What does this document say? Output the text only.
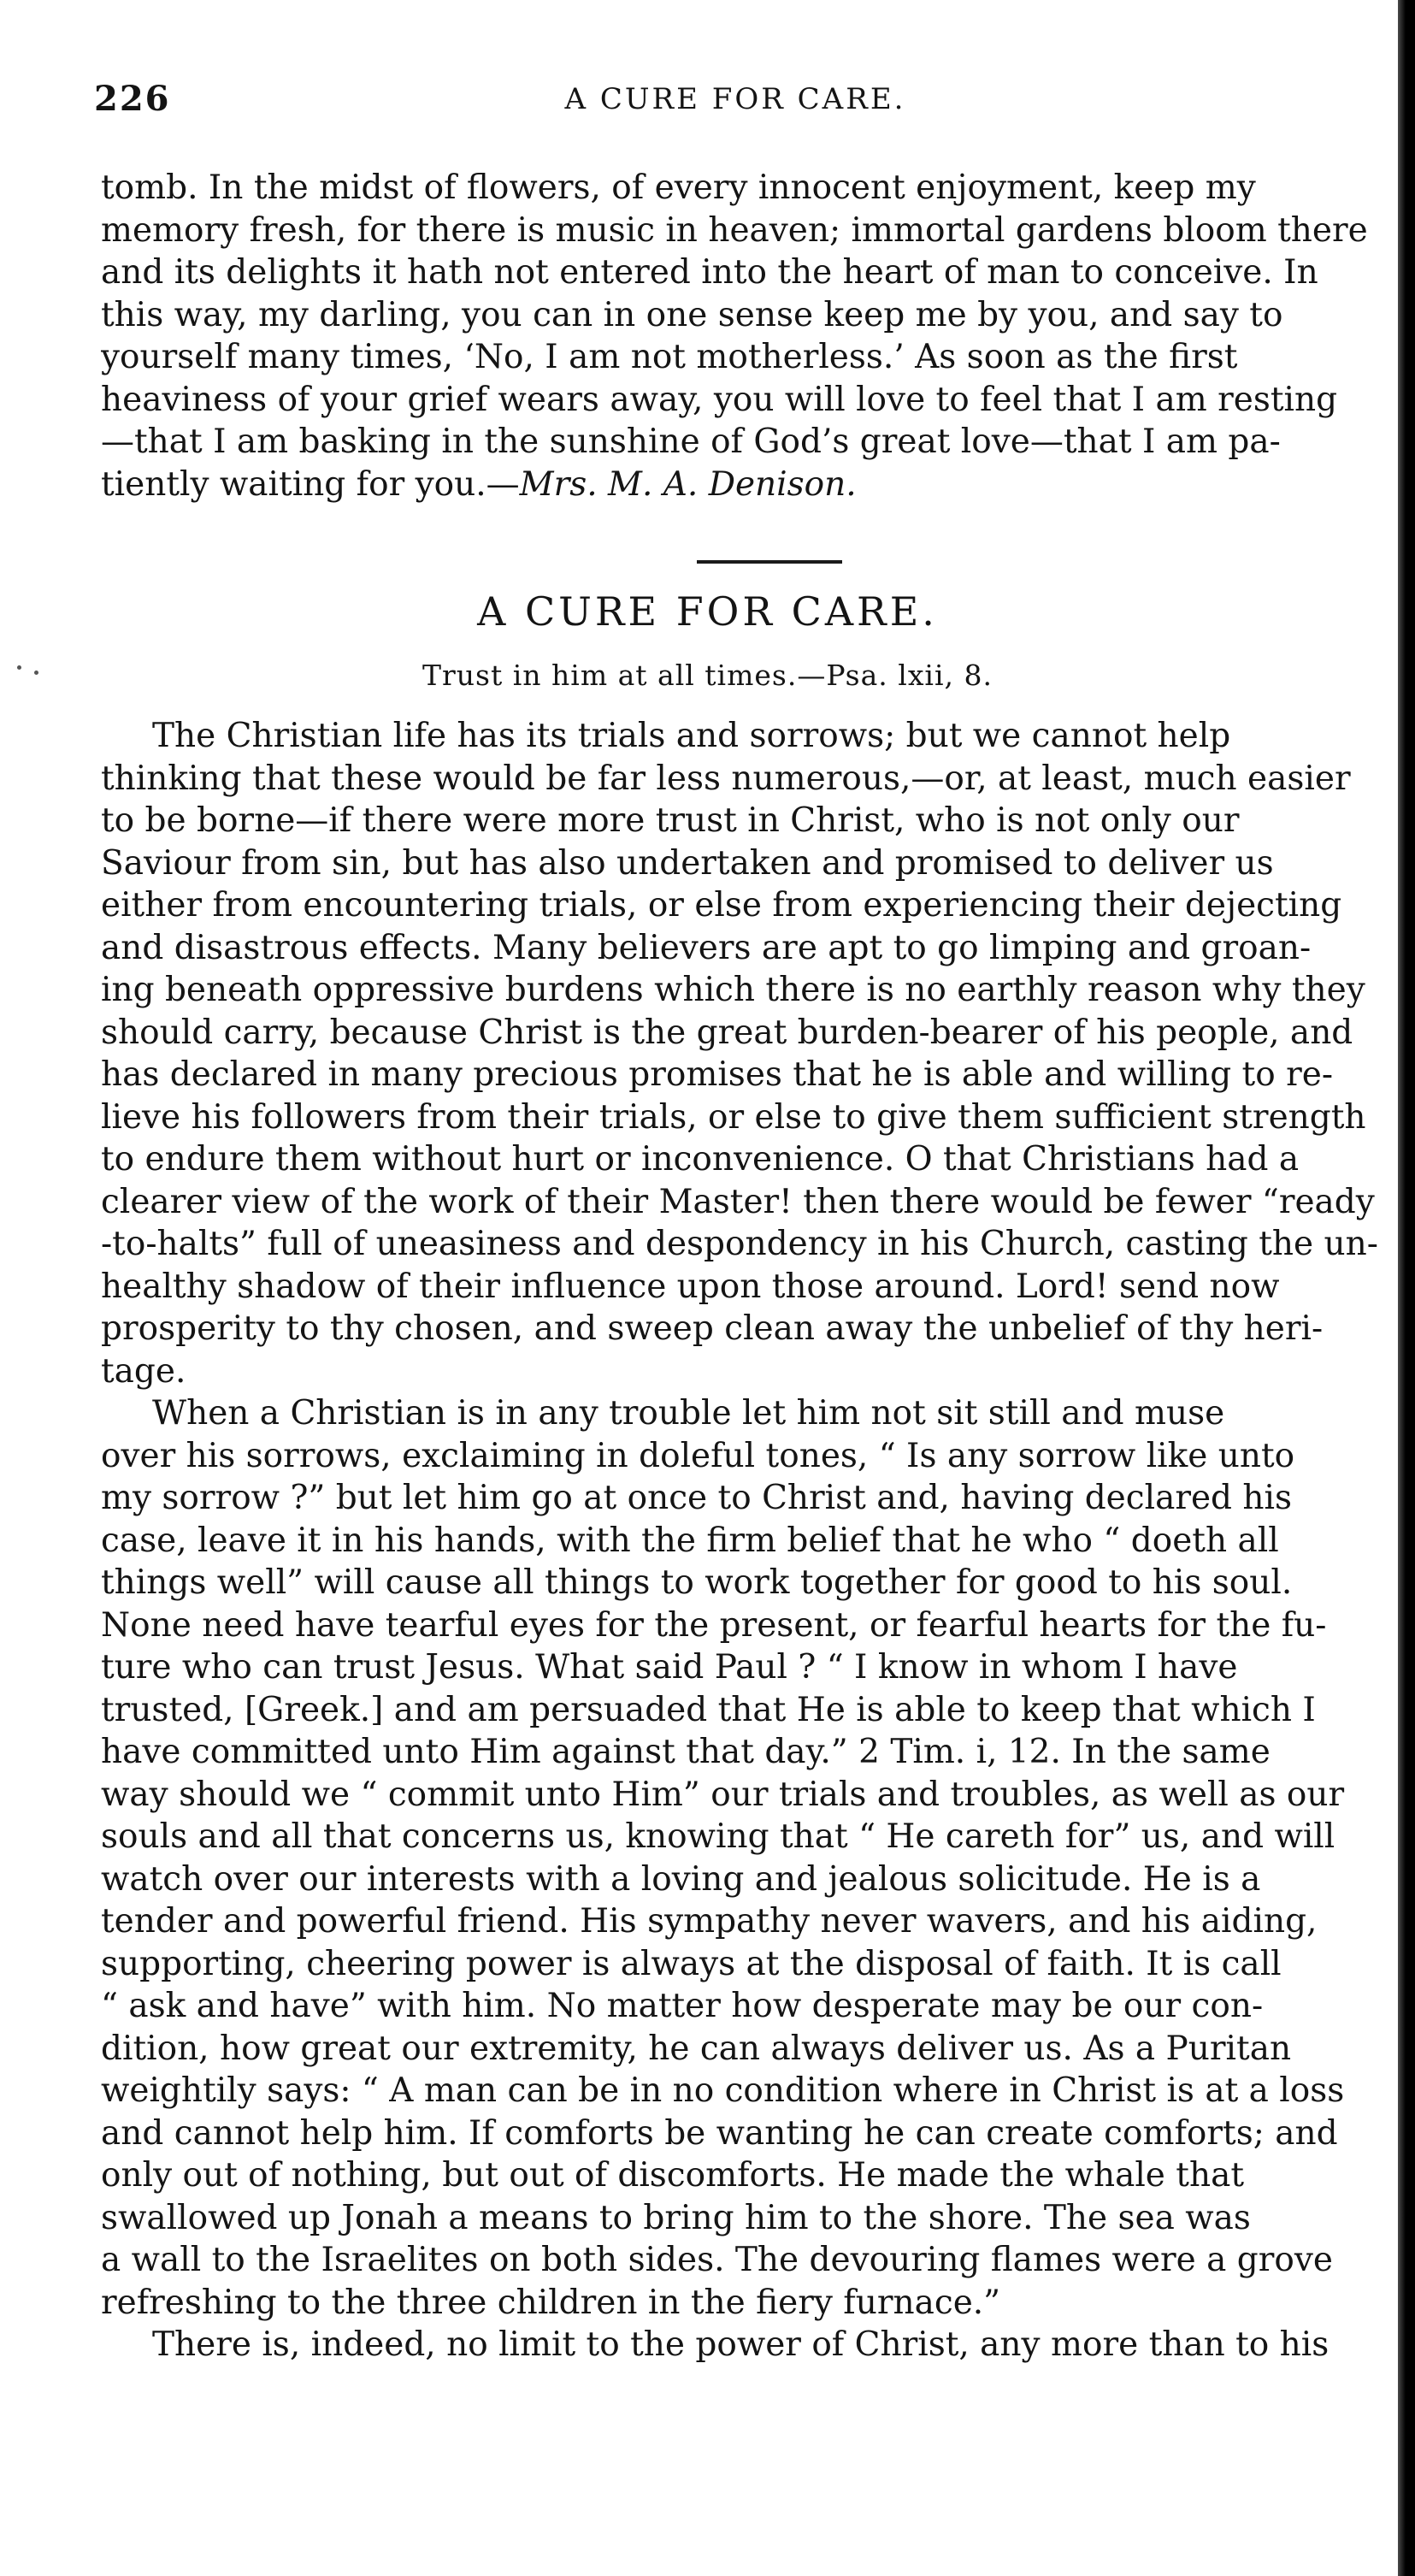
226	A CURE FOR CARE.
tomb. In the midst of flowers, of every innocent enjoyment, keep my
memory fresh, for there is music in heaven; immortal gardens bloom there
and its delights it hath not entered into the heart of man to conceive. In
this way, my darling, you can in one sense keep me by you, and say to
yourself many times, ‘No, I am not motherless.’ As soon as the first
heaviness of your grief wears away, you will love to feel that I am resting
—that I am basking in the sunshine of God’s great love—that I am pa-
tiently waiting for you.—Mrs. M. A. Denison.
A CURE FOR CARE.
Trust in him at all times.—Psa. lxii, 8.
The Christian life has its trials and sorrows; but we cannot help
thinking that these would be far less numerous,—or, at least, much easier
to be borne—if there were more trust in Christ, who is not only our
Saviour from sin, but has also undertaken and promised to deliver us
either from encountering trials, or else from experiencing their dejecting
and disastrous effects. Many believers are apt to go limping and groan-
ing beneath oppressive burdens which there is no earthly reason why they
should carry, because Christ is the great burden-bearer of his people, and
has declared in many precious promises that he is able and willing to re-
lieve his followers from their trials, or else to give them sufficient strength
to endure them without hurt or inconvenience. O that Christians had a
clearer view of the work of their Master! then there would be fewer “ready
-to-halts” full of uneasiness and despondency in his Church, casting the un-
healthy shadow of their influence upon those around. Lord! send now
prosperity to thy chosen, and sweep clean away the unbelief of thy heri-
tage.
When a Christian is in any trouble let him not sit still and muse
over his sorrows, exclaiming in doleful tones, “ Is any sorrow like unto
my sorrow ?” but let him go at once to Christ and, having declared his
case, leave it in his hands, with the firm belief that he who “ doeth all
things well” will cause all things to work together for good to his soul.
None need have tearful eyes for the present, or fearful hearts for the fu-
ture who can trust Jesus. What said Paul ? “ I know in whom I have
trusted, [Greek.] and am persuaded that He is able to keep that which I
have committed unto Him against that day.” 2 Tim. i, 12. In the same
way should we “ commit unto Him” our trials and troubles, as well as our
souls and all that concerns us, knowing that “ He careth for” us, and will
watch over our interests with a loving and jealous solicitude. He is a
tender and powerful friend. His sympathy never wavers, and his aiding,
supporting, cheering power is always at the disposal of faith. It is call
“ ask and have” with him. No matter how desperate may be our con-
dition, how great our extremity, he can always deliver us. As a Puritan
weightily says: “ A man can be in no condition where in Christ is at a loss
and cannot help him. If comforts be wanting he can create comforts; and
only out of nothing, but out of discomforts. He made the whale that
swallowed up Jonah a means to bring him to the shore. The sea was
a wall to the Israelites on both sides. The devouring flames were a grove
refreshing to the three children in the fiery furnace.”
There is, indeed, no limit to the power of Christ, any more than to his
